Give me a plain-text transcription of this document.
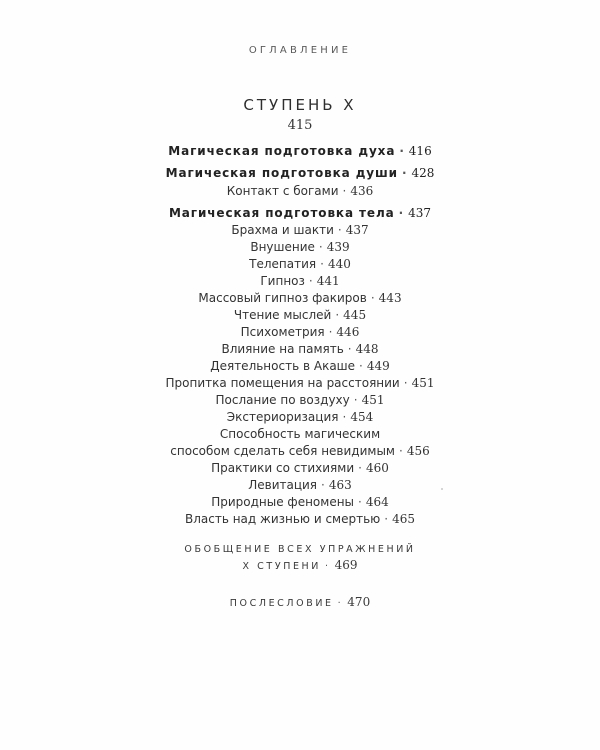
ОГЛАВЛЕНИЕ
СТУПЕНЬ X
415
Магическая подготовка духа · 416
Магическая подготовка души · 428
Контакт с богами · 436
Магическая подготовка тела · 437
Брахма и шакти · 437
Внушение · 439
Телепатия · 440
Гипноз · 441
Массовый гипноз факиров · 443
Чтение мыслей · 445
Психометрия · 446
Влияние на память · 448
Деятельность в Акаше · 449
Пропитка помещения на расстоянии · 451
Послание по воздуху · 451
Экстериоризация · 454
Способность магическим
способом сделать себя невидимым · 456
Практики со стихиями · 460
Левитация · 463
Природные феномены · 464
Власть над жизнью и смертью · 465
ОБОБЩЕНИЕ ВСЕХ УПРАЖНЕНИЙ
X СТУПЕНИ · 469
ПОСЛЕСЛОВИЕ · 470
